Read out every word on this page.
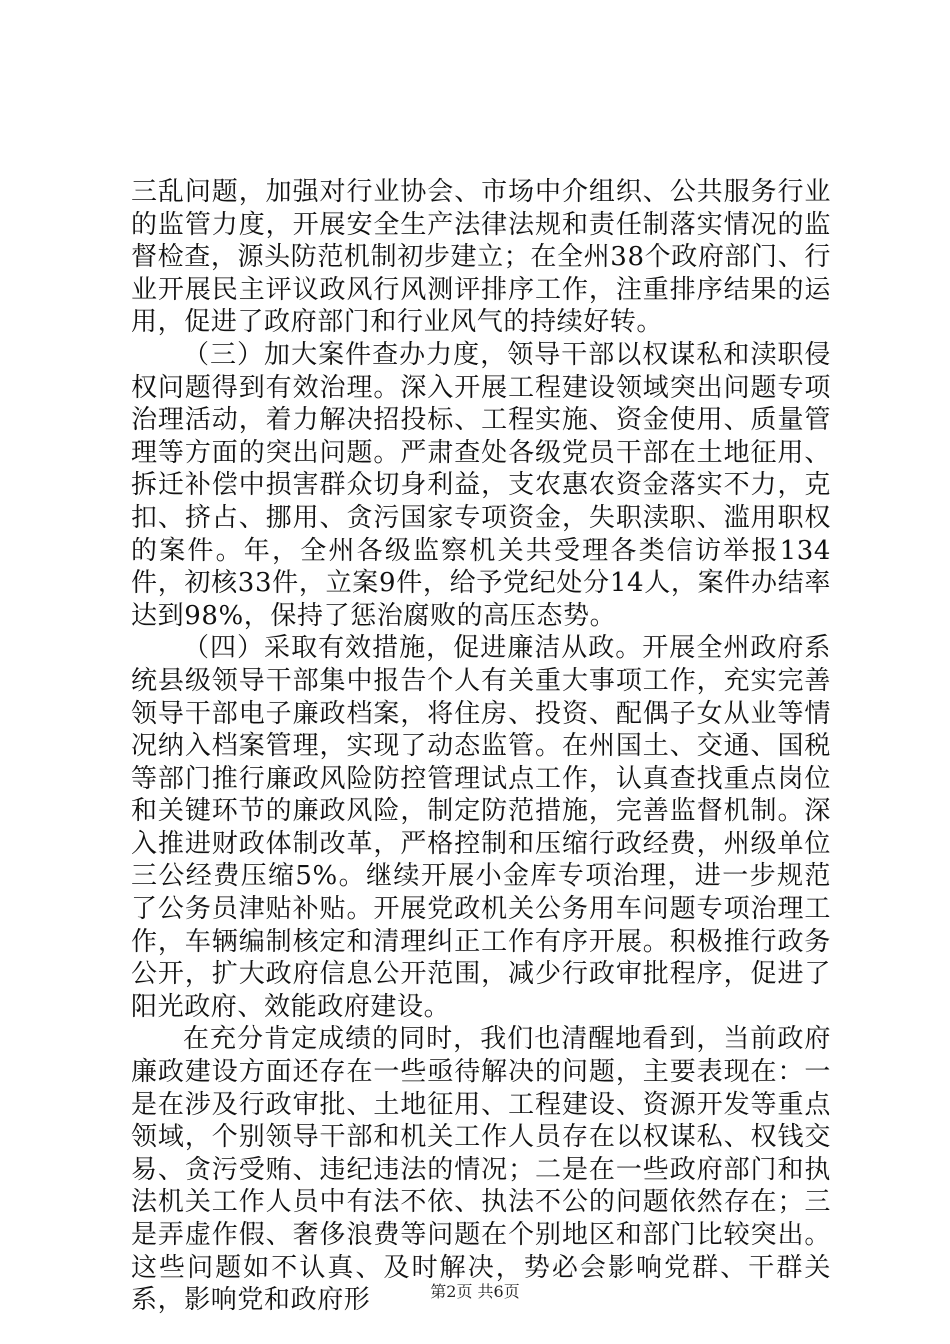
三乱问题，加强对行业协会、市场中介组织、公共服务行业的监管力度，开展安全生产法律法规和责任制落实情况的监督检查，源头防范机制初步建立；在全州38个政府部门、行业开展民主评议政风行风测评排序工作，注重排序结果的运用，促进了政府部门和行业风气的持续好转。

（三）加大案件查办力度，领导干部以权谋私和渎职侵权问题得到有效治理。深入开展工程建设领域突出问题专项治理活动，着力解决招投标、工程实施、资金使用、质量管理等方面的突出问题。严肃查处各级党员干部在土地征用、拆迁补偿中损害群众切身利益，支农惠农资金落实不力，克扣、挤占、挪用、贪污国家专项资金，失职渎职、滥用职权的案件。年，全州各级监察机关共受理各类信访举报134件，初核33件，立案9件，给予党纪处分14人，案件办结率达到98%，保持了惩治腐败的高压态势。

（四）采取有效措施，促进廉洁从政。开展全州政府系统县级领导干部集中报告个人有关重大事项工作，充实完善领导干部电子廉政档案，将住房、投资、配偶子女从业等情况纳入档案管理，实现了动态监管。在州国土、交通、国税等部门推行廉政风险防控管理试点工作，认真查找重点岗位和关键环节的廉政风险，制定防范措施，完善监督机制。深入推进财政体制改革，严格控制和压缩行政经费，州级单位三公经费压缩5%。继续开展小金库专项治理，进一步规范了公务员津贴补贴。开展党政机关公务用车问题专项治理工作，车辆编制核定和清理纠正工作有序开展。积极推行政务公开，扩大政府信息公开范围，减少行政审批程序，促进了阳光政府、效能政府建设。

在充分肯定成绩的同时，我们也清醒地看到，当前政府廉政建设方面还存在一些亟待解决的问题，主要表现在：一是在涉及行政审批、土地征用、工程建设、资源开发等重点领域，个别领导干部和机关工作人员存在以权谋私、权钱交易、贪污受贿、违纪违法的情况；二是在一些政府部门和执法机关工作人员中有法不依、执法不公的问题依然存在；三是弄虚作假、奢侈浪费等问题在个别地区和部门比较突出。这些问题如不认真、及时解决，势必会影响党群、干群关系，影响党和政府形	第2页 共6页
